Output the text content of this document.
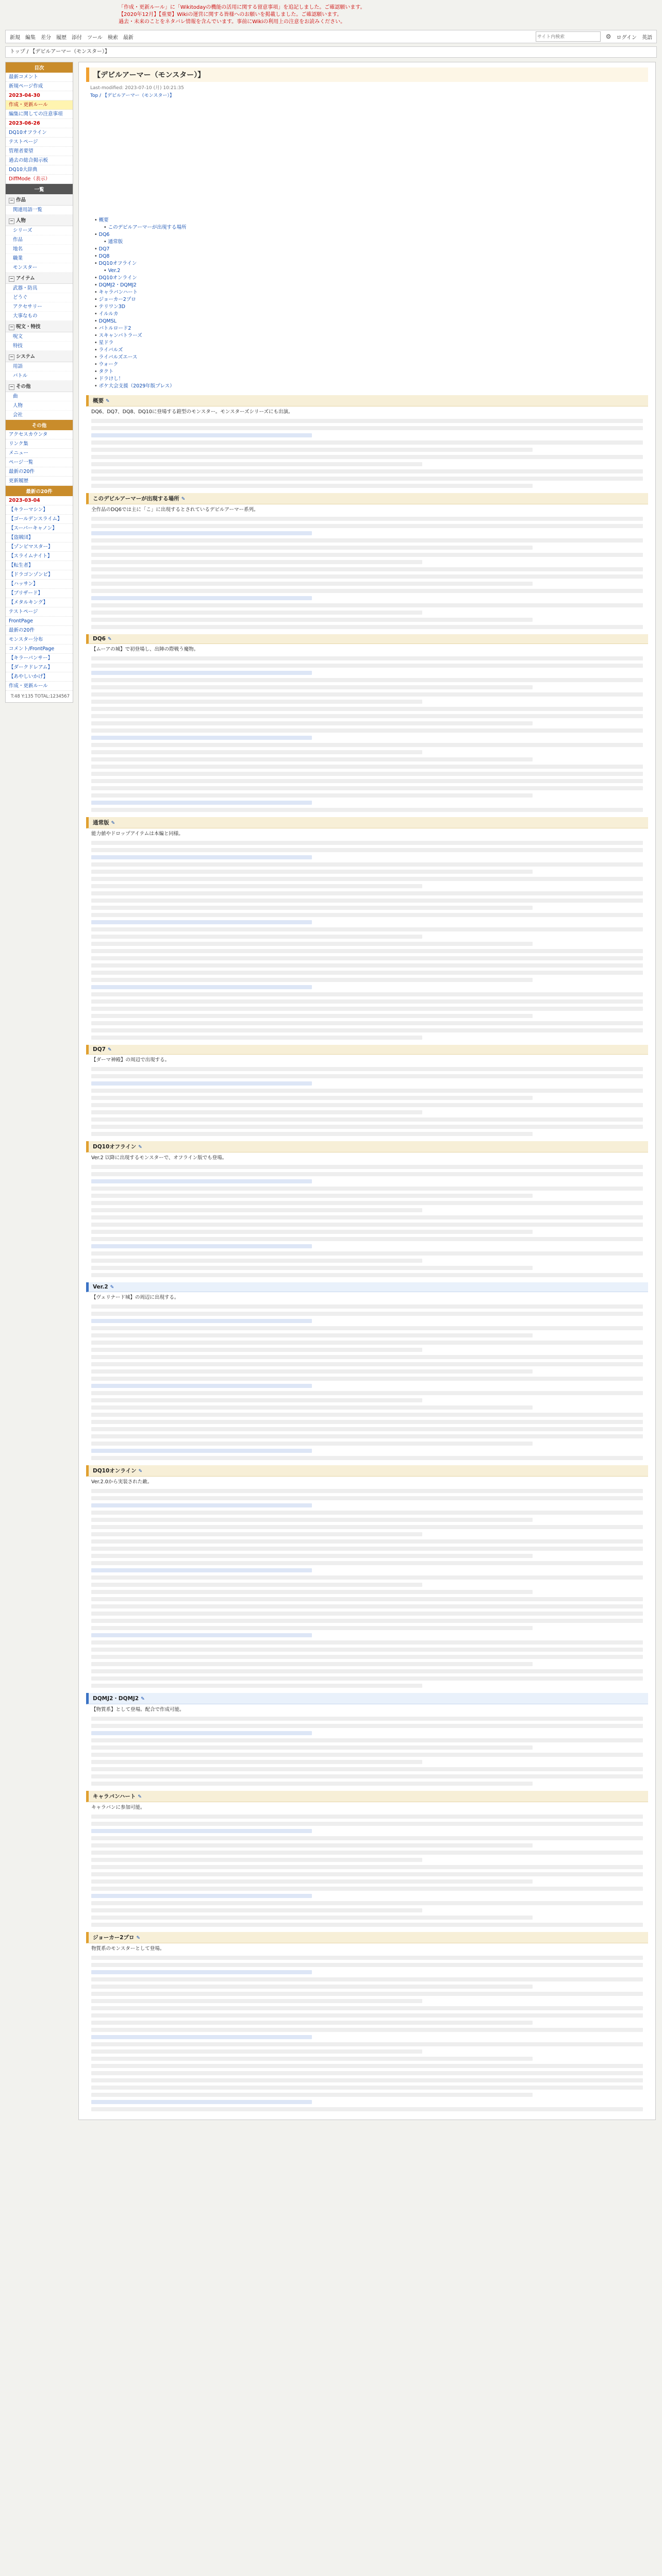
「作成・更新ルール」に「Wikitodayの機能の活用に関する留意事項」を追記しました。ご確認願います。
【2020年12月】【重要】Wikiの運営に関する皆様へのお願いを掲載しました。ご確認願います。
過去・未来のことをネタバレ情報を含んでいます。事前にWikiの利用上の注意をお読みください。
新規 編集 差分 履歴 添付 ツール 検索 最新
サイト内検索	⚙ ログイン 英語
トップ / 【デビルアーマー（モンスター）】
目次
最新コメント
新規ページ作成
2023-04-30
作成・更新ルール
編集に関しての注意事項
2023-06-26
DQ10オフライン
テストページ
管理者要望
過去の総合掲示板
DQ10大辞典
DiffMode（表示）
一覧
− 作品
関連用語一覧
− 人物
シリーズ
作品
地名
職業
モンスター
− アイテム
武器・防具
どうぐ
アクセサリー
大事なもの
− 呪文・特技
呪文
特技
− システム
用語
バトル
− その他
曲
人物
会社
その他
アクセスカウンタ
リンク集
メニュー
ページ一覧
最新の20件
更新履歴
最新の20件
2023-03-04
【キラーマシン】
【ゴールデンスライム】
【スーパーキャノン】
【盗賊団】
【ゾンビマスター】
【スライムナイト】
【転生者】
【ドラゴンゾンビ】
【ハッサン】
【ブリザード】
【メタルキング】
テストページ
FrontPage
最新の20件
モンスター分布
コメント/FrontPage
【キラーパンサー】
【ダークドレアム】
【あやしいかげ】
作成・更新ルール
T:48 Y:135 TOTAL:1234567
【デビルアーマー（モンスター）】
Last-modified: 2023-07-10 (月) 10:21:35
Top / 【デビルアーマー（モンスター）】
• 概要
• このデビルアーマーが出現する場所
• DQ6
• 通常版
• DQ7
• DQ8
• DQ10オフライン
• Ver.2
• DQ10オンライン
• DQMJ2・DQMJ2
• キャラバンハート
• ジョーカー2プロ
• テリワン3D
• イルルカ
• DQMSL
• バトルロード2
• スキャンバトラーズ
• 星ドラ
• ライバルズ
• ライバルズエース
• ウォーク
• タクト
• ドラけし！
• ポケ大会支援（2029年版プレス）
概要 ✎
DQ6、DQ7、DQ8、DQ10に登場する鎧型のモンスター。モンスターズシリーズにも出演。
このデビルアーマーが出現する場所 ✎
全作品のDQ6では主に「こ」に出現するとされているデビルアーマー系列。
DQ6 ✎
【ムーアの城】で初登場し、出陣の際戦う魔物。
通常版 ✎
能力値やドロップアイテムは本編と同様。
DQ7 ✎
【ダーマ神殿】の周辺で出現する。
DQ10オフライン ✎
Ver.2 以降に出現するモンスターで、オフライン版でも登場。
Ver.2 ✎
【ヴェリナード城】の周辺に出現する。
DQ10オンライン ✎
Ver.2.0から実装された敵。
DQMJ2・DQMJ2 ✎
【物質系】として登場。配合で作成可能。
キャラバンハート ✎
キャラバンに参加可能。
ジョーカー2プロ ✎
物質系のモンスターとして登場。
